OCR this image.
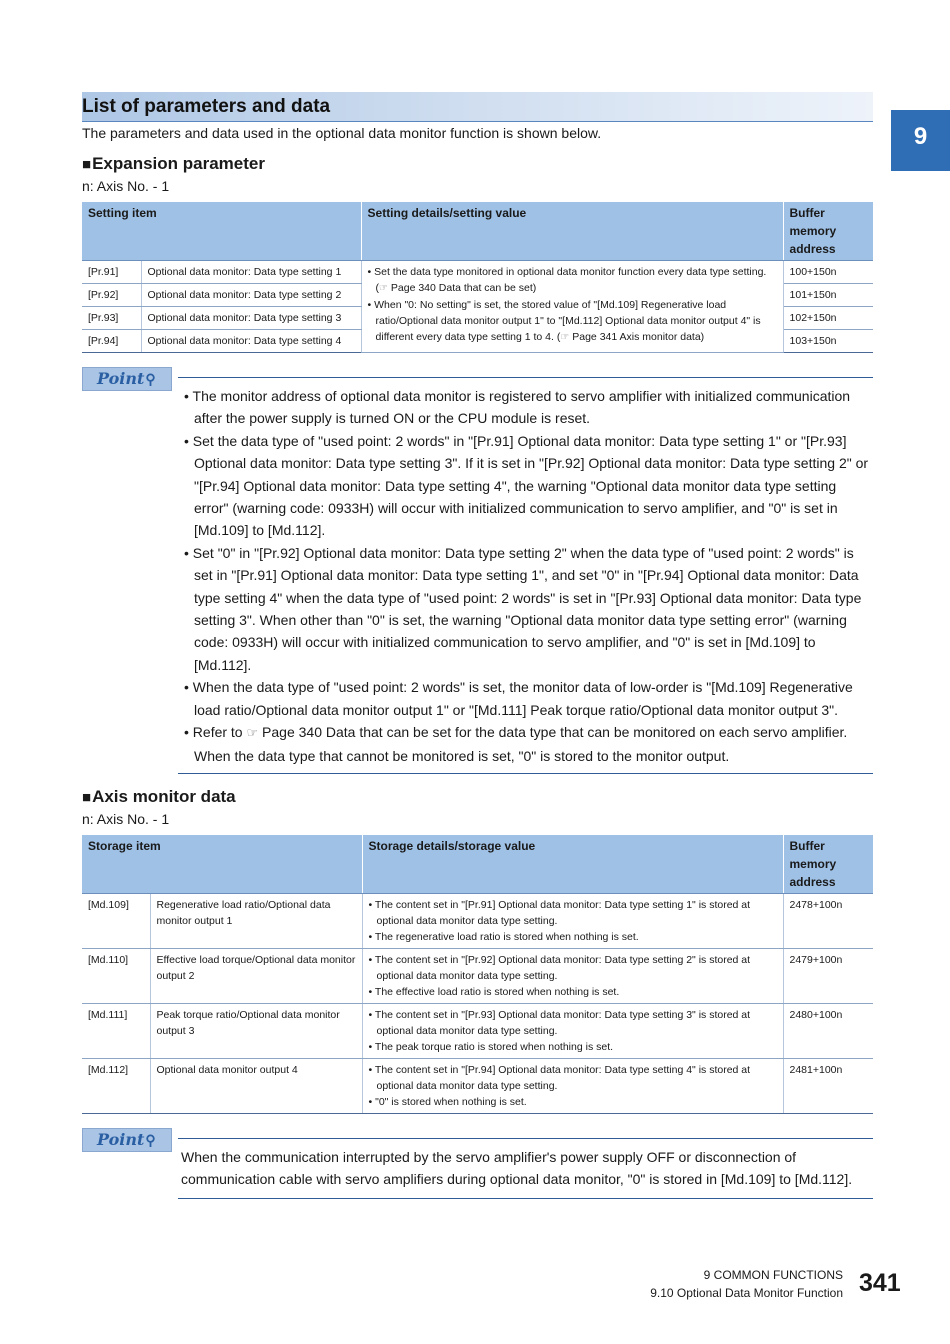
9
List of parameters and data
The parameters and data used in the optional data monitor function is shown below.
■Expansion parameter
n: Axis No. - 1
Setting item		Setting details/setting value	Buffer
memory
address
[Pr.91]	Optional data monitor: Data type setting 1	• Set the data type monitored in optional data monitor function every data type setting. (☞ Page 340 Data that can be set)
• When "0: No setting" is set, the stored value of "[Md.109] Regenerative load ratio/Optional data monitor output 1" to "[Md.112] Optional data monitor output 4" is different every data type setting 1 to 4. (☞ Page 341 Axis monitor data)	100+150n
[Pr.92]	Optional data monitor: Data type setting 2		101+150n
[Pr.93]	Optional data monitor: Data type setting 3		102+150n
[Pr.94]	Optional data monitor: Data type setting 4		103+150n
Point⚲
• The monitor address of optional data monitor is registered to servo amplifier with initialized communication after the power supply is turned ON or the CPU module is reset.
• Set the data type of "used point: 2 words" in "[Pr.91] Optional data monitor: Data type setting 1" or "[Pr.93] Optional data monitor: Data type setting 3". If it is set in "[Pr.92] Optional data monitor: Data type setting 2" or "[Pr.94] Optional data monitor: Data type setting 4", the warning "Optional data monitor data type setting error" (warning code: 0933H) will occur with initialized communication to servo amplifier, and "0" is set in [Md.109] to [Md.112].
• Set "0" in "[Pr.92] Optional data monitor: Data type setting 2" when the data type of "used point: 2 words" is set in "[Pr.91] Optional data monitor: Data type setting 1", and set "0" in "[Pr.94] Optional data monitor: Data type setting 4" when the data type of "used point: 2 words" is set in "[Pr.93] Optional data monitor: Data type setting 3". When other than "0" is set, the warning "Optional data monitor data type setting error" (warning code: 0933H) will occur with initialized communication to servo amplifier, and "0" is set in [Md.109] to [Md.112].
• When the data type of "used point: 2 words" is set, the monitor data of low-order is "[Md.109] Regenerative load ratio/Optional data monitor output 1" or "[Md.111] Peak torque ratio/Optional data monitor output 3".
• Refer to ☞ Page 340 Data that can be set for the data type that can be monitored on each servo amplifier. When the data type that cannot be monitored is set, "0" is stored to the monitor output.
■Axis monitor data
n: Axis No. - 1
Storage item		Storage details/storage value	Buffer
memory
address
[Md.109]	Regenerative load ratio/Optional data monitor output 1	• The content set in "[Pr.91] Optional data monitor: Data type setting 1" is stored at optional data monitor data type setting.
• The regenerative load ratio is stored when nothing is set.	2478+100n
[Md.110]	Effective load torque/Optional data monitor output 2	• The content set in "[Pr.92] Optional data monitor: Data type setting 2" is stored at optional data monitor data type setting.
• The effective load ratio is stored when nothing is set.	2479+100n
[Md.111]	Peak torque ratio/Optional data monitor output 3	• The content set in "[Pr.93] Optional data monitor: Data type setting 3" is stored at optional data monitor data type setting.
• The peak torque ratio is stored when nothing is set.	2480+100n
[Md.112]	Optional data monitor output 4	• The content set in "[Pr.94] Optional data monitor: Data type setting 4" is stored at optional data monitor data type setting.
• "0" is stored when nothing is set.	2481+100n
Point⚲
When the communication interrupted by the servo amplifier's power supply OFF or disconnection of communication cable with servo amplifiers during optional data monitor, "0" is stored in [Md.109] to [Md.112].
9 COMMON FUNCTIONS
9.10 Optional Data Monitor Function 341
